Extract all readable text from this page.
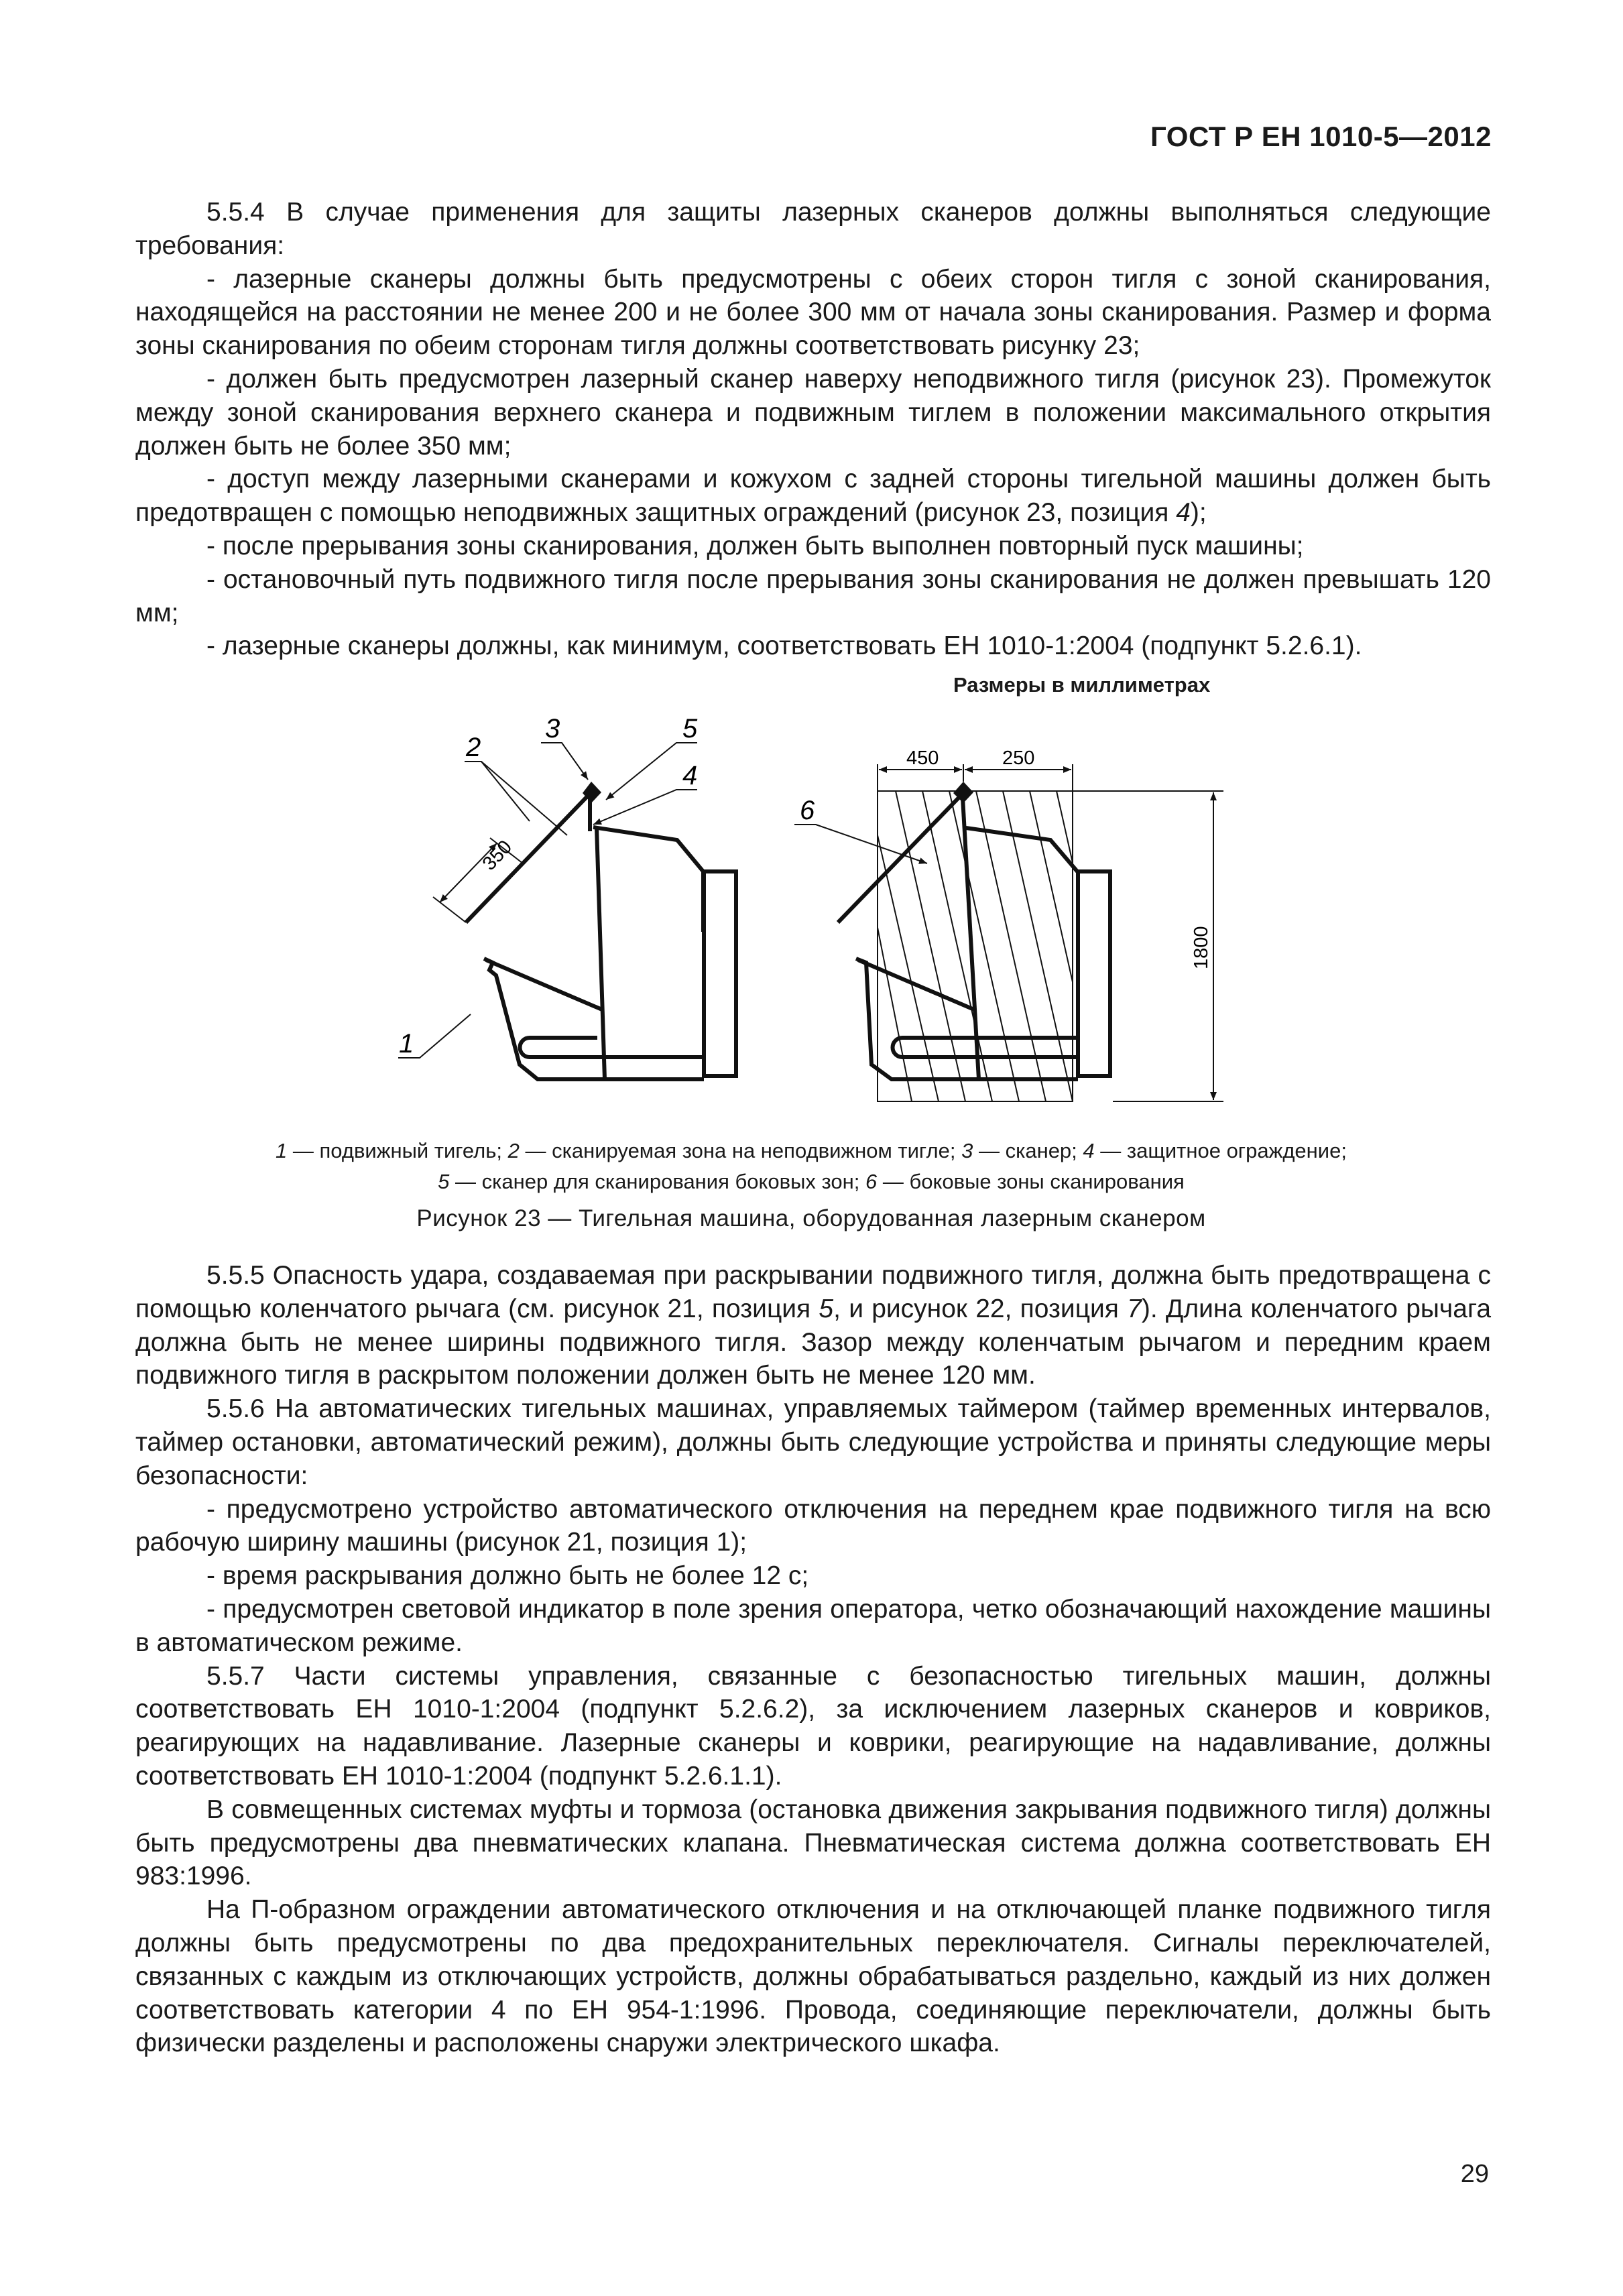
ГОСТ Р ЕН 1010-5—2012

5.5.4 В случае применения для защиты лазерных сканеров должны выполняться следующие требования:

- лазерные сканеры должны быть предусмотрены с обеих сторон тигля с зоной сканирования, находящейся на расстоянии не менее 200 и не более 300 мм от начала зоны сканирования. Размер и форма зоны сканирования по обеим сторонам тигля должны соответствовать рисунку 23;

- должен быть предусмотрен лазерный сканер наверху неподвижного тигля (рисунок 23). Промежуток между зоной сканирования верхнего сканера и подвижным тиглем в положении максимального открытия должен быть не более 350 мм;

- доступ между лазерными сканерами и кожухом с задней стороны тигельной машины должен быть предотвращен с помощью неподвижных защитных ограждений (рисунок 23, позиция 4);

- после прерывания зоны сканирования, должен быть выполнен повторный пуск машины;

- остановочный путь подвижного тигля после прерывания зоны сканирования не должен превышать 120 мм;

- лазерные сканеры должны, как минимум, соответствовать ЕН 1010-1:2004 (подпункт 5.2.6.1).

Размеры в миллиметрах
350
2
3	5
4
1
450	250
1800
6
1 — подвижный тигель; 2 — сканируемая зона на неподвижном тигле; 3 — сканер; 4 — защитное ограждение;
5 — сканер для сканирования боковых зон; 6 — боковые зоны сканирования
Рисунок 23 — Тигельная машина, оборудованная лазерным сканером

5.5.5 Опасность удара, создаваемая при раскрывании подвижного тигля, должна быть предотвращена с помощью коленчатого рычага (см. рисунок 21, позиция 5, и рисунок 22, позиция 7). Длина коленчатого рычага должна быть не менее ширины подвижного тигля. Зазор между коленчатым рычагом и передним краем подвижного тигля в раскрытом положении должен быть не менее 120 мм.

5.5.6 На автоматических тигельных машинах, управляемых таймером (таймер временных интервалов, таймер остановки, автоматический режим), должны быть следующие устройства и приняты следующие меры безопасности:

- предусмотрено устройство автоматического отключения на переднем крае подвижного тигля на всю рабочую ширину машины (рисунок 21, позиция 1);

- время раскрывания должно быть не более 12 с;

- предусмотрен световой индикатор в поле зрения оператора, четко обозначающий нахождение машины в автоматическом режиме.

5.5.7 Части системы управления, связанные с безопасностью тигельных машин, должны соответствовать ЕН 1010-1:2004 (подпункт 5.2.6.2), за исключением лазерных сканеров и ковриков, реагирующих на надавливание. Лазерные сканеры и коврики, реагирующие на надавливание, должны соответствовать ЕН 1010-1:2004 (подпункт 5.2.6.1.1).

В совмещенных системах муфты и тормоза (остановка движения закрывания подвижного тигля) должны быть предусмотрены два пневматических клапана. Пневматическая система должна соответствовать ЕН 983:1996.

На П-образном ограждении автоматического отключения и на отключающей планке подвижного тигля должны быть предусмотрены по два предохранительных переключателя. Сигналы переключателей, связанных с каждым из отключающих устройств, должны обрабатываться раздельно, каждый из них должен соответствовать категории 4 по ЕН 954-1:1996. Провода, соединяющие переключатели, должны быть физически разделены и расположены снаружи электрического шкафа.

29
